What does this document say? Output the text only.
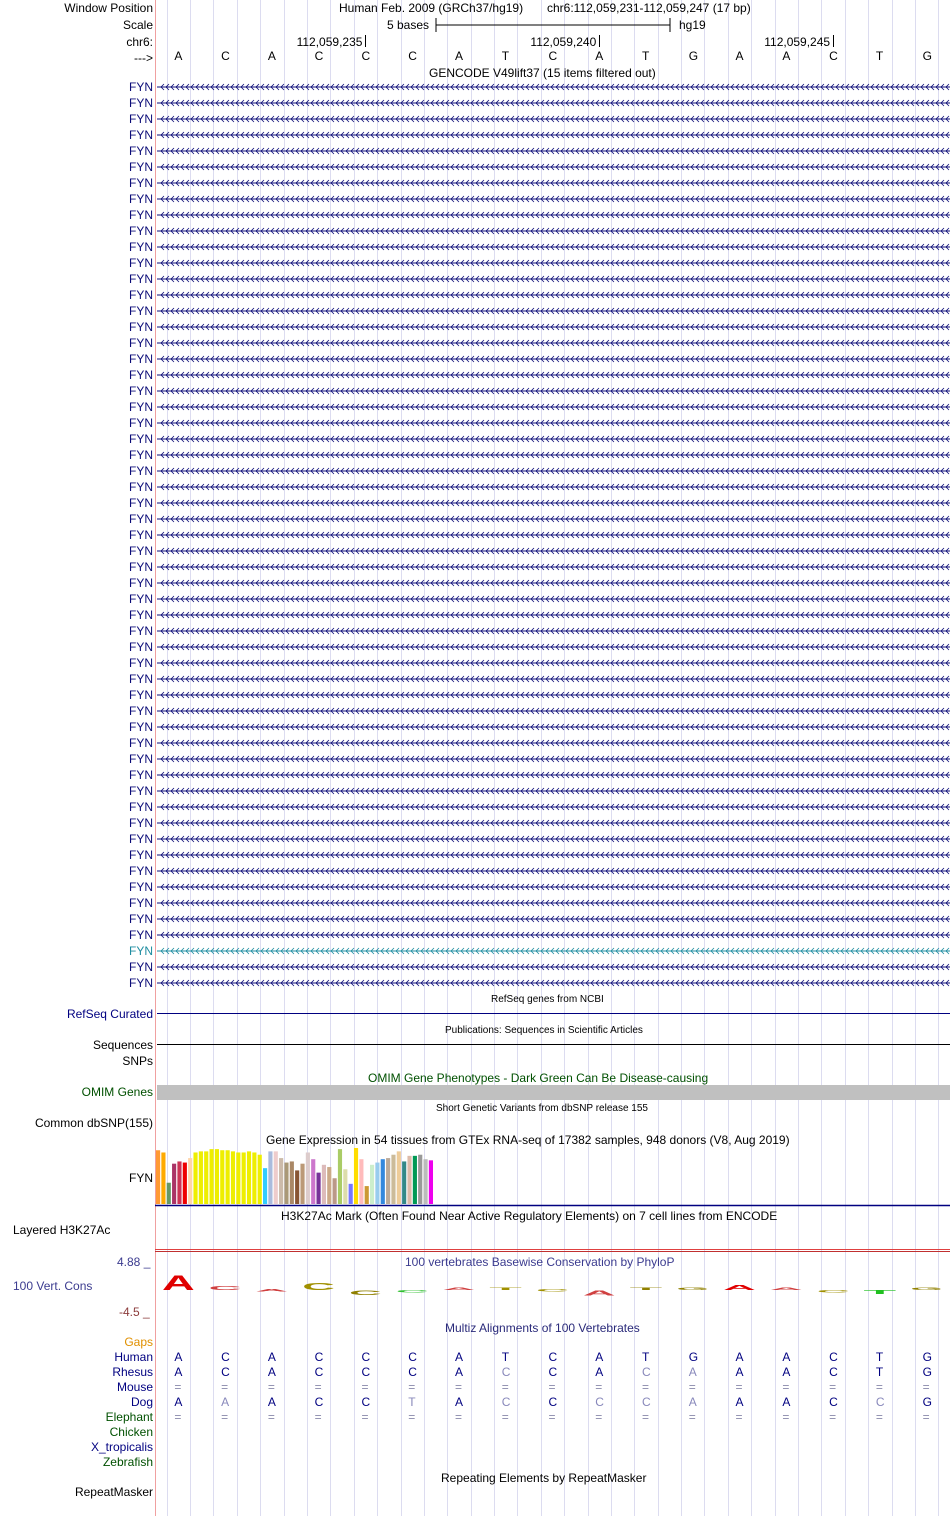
Window Position	Human Feb. 2009 (GRCh37/hg19) chr6:112,059,231-112,059,247 (17 bp)
Scale	5 bases	hg19
chr6:	112,059,235	112,059,240	112,059,245
---> A	C	A	C	C	C	A	T	C	A	T	G	A	A	C	T	G
GENCODE V49lift37 (15 items filtered out)
FYN
FYN
FYN
FYN
FYN
FYN
FYN
FYN
FYN
FYN
FYN
FYN
FYN
FYN
FYN
FYN
FYN
FYN
FYN
FYN
FYN
FYN
FYN
FYN
FYN
FYN
FYN
FYN
FYN
FYN
FYN
FYN
FYN
FYN
FYN
FYN
FYN
FYN
FYN
FYN
FYN
FYN
FYN
FYN
FYN
FYN
FYN
FYN
FYN
FYN
FYN
FYN
FYN
FYN
FYN
FYN
FYN
RefSeq genes from NCBI
RefSeq Curated
Publications: Sequences in Scientific Articles
Sequences
SNPs
OMIM Gene Phenotypes - Dark Green Can Be Disease-causing
OMIM Genes
Short Genetic Variants from dbSNP release 155
Common dbSNP(155)
Gene Expression in 54 tissues from GTEx RNA-seq of 17382 samples, 948 donors (V8, Aug 2019)
FYN
H3K27Ac Mark (Often Found Near Active Regulatory Elements) on 7 cell lines from ENCODE
Layered H3K27Ac
100 vertebrates Basewise Conservation by PhyloP
4.88 _
100 Vert. Cons
-4.5 _
A	C	A C
C C	A	T C
A
T G A	A	C	T
G
Multiz Alignments of 100 Vertebrates
Gaps
Human A	C	A	C	C	C	A	T	C	A	T	G	A	A	C	T	G
Rhesus A	C	A	C	C	C	A	C	C	A	C	A	A	A	C	T	G
Mouse =	=	=	=	=	=	=	=	=	=	=	=	=	=	=	=	=
Dog A	A	A	C	C	T	A	C	C	C	C	A	A	A	C	C	G
Elephant =	=	=	=	=	=	=	=	=	=	=	=	=	=	=	=	=
Chicken
X_tropicalis
Zebrafish
Repeating Elements by RepeatMasker
RepeatMasker
